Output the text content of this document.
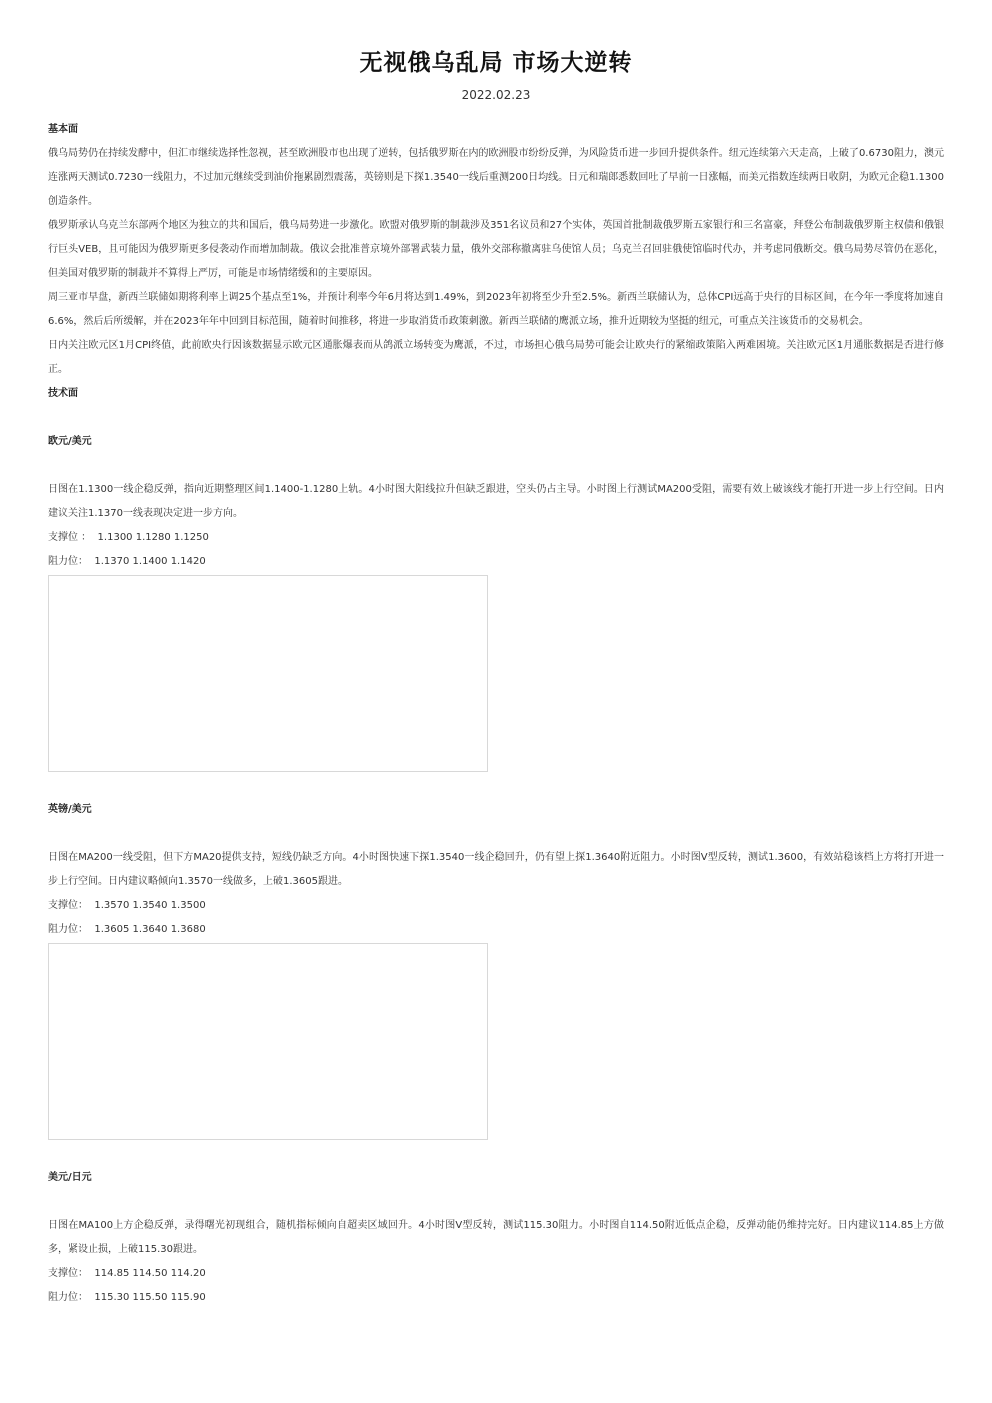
无视俄乌乱局 市场大逆转
2022.02.23

基本面

俄乌局势仍在持续发酵中，但汇市继续选择性忽视，甚至欧洲股市也出现了逆转，包括俄罗斯在内的欧洲股市纷纷反弹，为风险货币进一步回升提供条件。纽元连续第六天走高，上破了0.6730阻力，澳元连涨两天测试0.7230一线阻力，不过加元继续受到油价拖累剧烈震荡，英镑则是下探1.3540一线后重测200日均线。日元和瑞郎悉数回吐了早前一日涨幅，而美元指数连续两日收阴，为欧元企稳1.1300创造条件。

俄罗斯承认乌克兰东部两个地区为独立的共和国后，俄乌局势进一步激化。欧盟对俄罗斯的制裁涉及351名议员和27个实体，英国首批制裁俄罗斯五家银行和三名富豪，拜登公布制裁俄罗斯主权债和俄银行巨头VEB，且可能因为俄罗斯更多侵袭动作而增加制裁。俄议会批准普京境外部署武装力量，俄外交部称撤离驻乌使馆人员；乌克兰召回驻俄使馆临时代办，并考虑同俄断交。俄乌局势尽管仍在恶化，但美国对俄罗斯的制裁并不算得上严厉，可能是市场情绪缓和的主要原因。

周三亚市早盘，新西兰联储如期将利率上调25个基点至1%，并预计利率今年6月将达到1.49%，到2023年初将至少升至2.5%。新西兰联储认为，总体CPI远高于央行的目标区间，在今年一季度将加速自6.6%，然后后所缓解，并在2023年年中回到目标范围，随着时间推移，将进一步取消货币政策刺激。新西兰联储的鹰派立场，推升近期较为坚挺的纽元，可重点关注该货币的交易机会。

日内关注欧元区1月CPI终值，此前欧央行因该数据显示欧元区通胀爆表而从鸽派立场转变为鹰派，不过，市场担心俄乌局势可能会让欧央行的紧缩政策陷入两难困境。关注欧元区1月通胀数据是否进行修正。

技术面

欧元/美元

日图在1.1300一线企稳反弹，指向近期整理区间1.1400-1.1280上轨。4小时图大阳线拉升但缺乏跟进，空头仍占主导。小时图上行测试MA200受阻，需要有效上破该线才能打开进一步上行空间。日内建议关注1.1370一线表现决定进一步方向。

支撑位 ： 1.1300 1.1280 1.1250

阻力位： 1.1370 1.1400 1.1420

英镑/美元

日图在MA200一线受阻，但下方MA20提供支持，短线仍缺乏方向。4小时图快速下探1.3540一线企稳回升，仍有望上探1.3640附近阻力。小时图V型反转，测试1.3600，有效站稳该档上方将打开进一步上行空间。日内建议略倾向1.3570一线做多，上破1.3605跟进。

支撑位： 1.3570 1.3540 1.3500

阻力位： 1.3605 1.3640 1.3680

美元/日元

日图在MA100上方企稳反弹，录得曙光初现组合，随机指标倾向自超卖区域回升。4小时图V型反转，测试115.30阻力。小时图自114.50附近低点企稳，反弹动能仍维持完好。日内建议114.85上方做多，紧设止损，上破115.30跟进。

支撑位： 114.85 114.50 114.20

阻力位： 115.30 115.50 115.90
